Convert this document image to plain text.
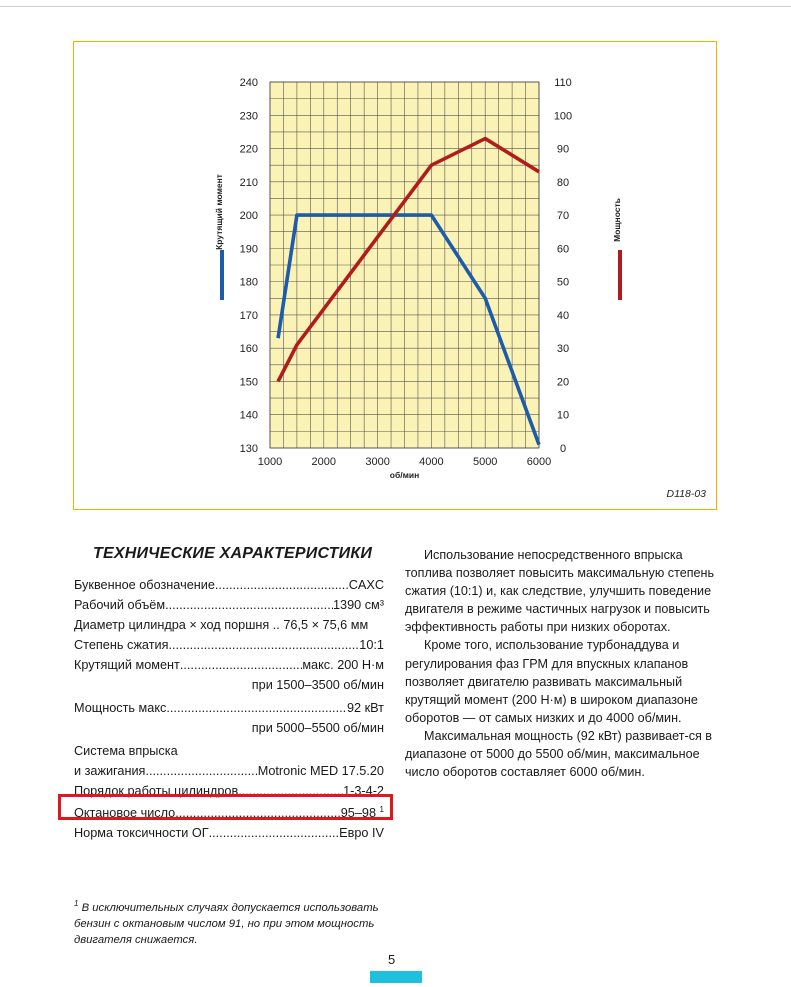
130
140
150
160
170
180
190
200
210
220
230
240
0
10
20
30
40
50
60
70
80
90
100
110
1000	2000	3000	4000	5000	6000
об/мин
Крутящий момент	Мощность
D118-03
ТЕХНИЧЕСКИЕ ХАРАКТЕРИСТИКИ
Буквенное обозначение .....	CAXC
Рабочий объём .....	1390 см³
Диаметр цилиндра × ход поршня .. 76,5 × 75,6 мм
Степень сжатия .....	10:1
Крутящий момент .....	макс. 200 Н·м
при 1500–3500 об/мин
Мощность макс. .....	92 кВт
при 5000–5500 об/мин
Система впрыска
и зажигания .....	Motronic MED 17.5.20
Порядок работы цилиндров .....	1-3-4-2
Октановое число .....	95–98 $^1$
Норма токсичности ОГ .....	Евро IV
$^1$ В исключительных случаях допускается использовать бензин с октановым числом 91, но при этом мощность двигателя снижается.

Использование непосредственного впрыска топлива позволяет повысить максимальную степень сжатия (10:1) и, как следствие, улучшить поведение двигателя в режиме частичных нагрузок и повысить эффективность работы при низких оборотах.

Кроме того, использование турбонаддува и регулирования фаз ГРМ для впускных клапанов позволяет двигателю развивать максимальный крутящий момент (200 Н·м) в широком диапазоне оборотов — от самых низких и до 4000 об/мин.

Максимальная мощность (92 кВт) развивает-ся в диапазоне от 5000 до 5500 об/мин, максимальное число оборотов составляет 6000 об/мин.

5
